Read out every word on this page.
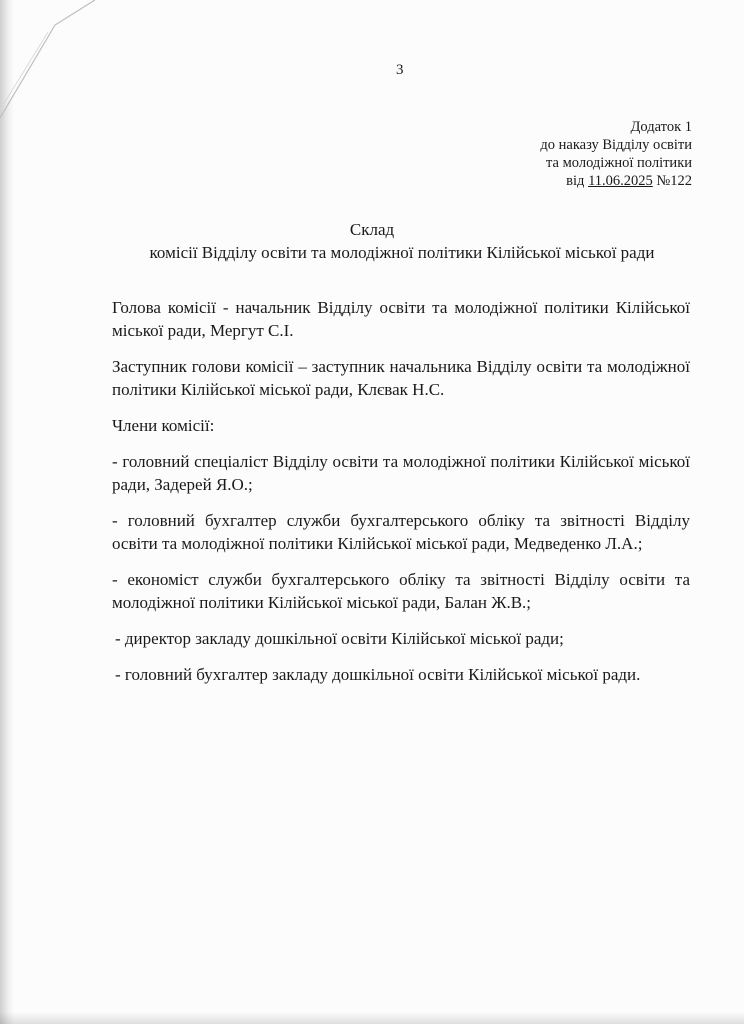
3
Додаток 1
до наказу Відділу освіти
та молодіжної політики
від 11.06.2025 №122
Склад
комісії Відділу освіти та молодіжної політики Кілійської міської ради

Голова комісії - начальник Відділу освіти та молодіжної політики Кілійської міської ради, Мергут С.І.

Заступник голови комісії – заступник начальника Відділу освіти та молодіжної політики Кілійської міської ради, Клєвак Н.С.

Члени комісії:

- головний спеціаліст Відділу освіти та молодіжної політики Кілійської міської ради, Задерей Я.О.;

- головний бухгалтер служби бухгалтерського обліку та звітності Відділу освіти та молодіжної політики Кілійської міської ради, Медведенко Л.А.;

- економіст служби бухгалтерського обліку та звітності Відділу освіти та молодіжної політики Кілійської міської ради, Балан Ж.В.;

- директор закладу дошкільної освіти Кілійської міської ради;

- головний бухгалтер закладу дошкільної освіти Кілійської міської ради.
